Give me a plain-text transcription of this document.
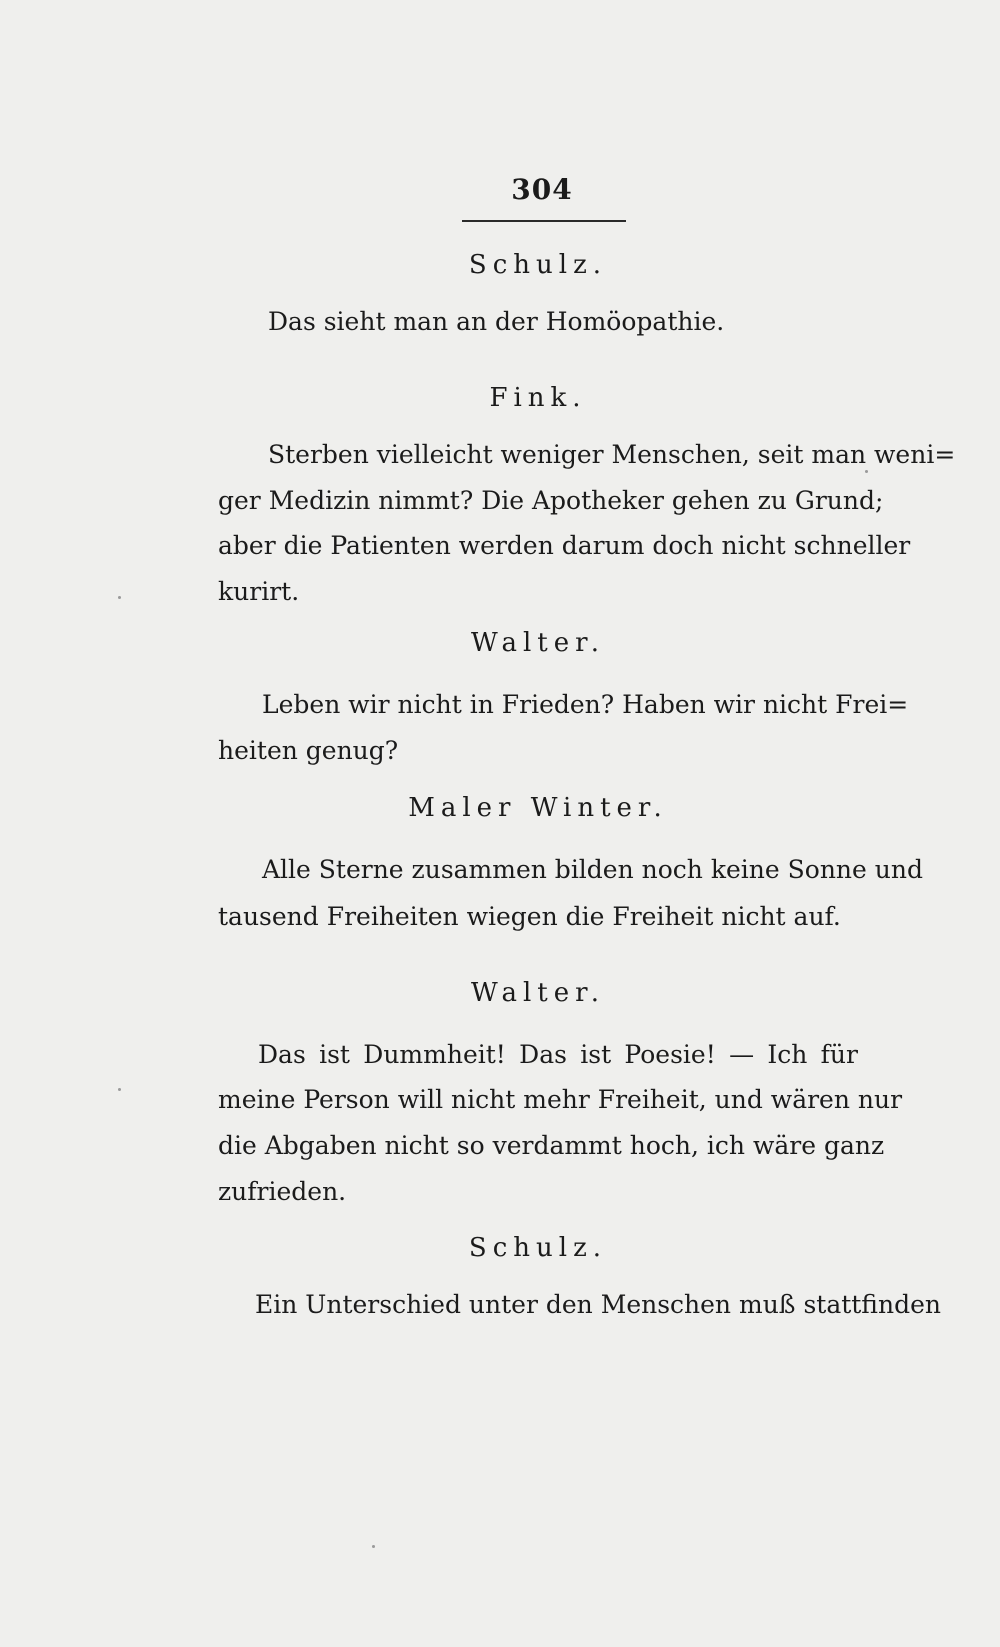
304
Schulz.
Das sieht man an der Homöopathie.
Fink.
Sterben vielleicht weniger Menschen, seit man weni=
ger Medizin nimmt? Die Apotheker gehen zu Grund;
aber die Patienten werden darum doch nicht schneller
kurirt.
Walter.
Leben wir nicht in Frieden? Haben wir nicht Frei=
heiten genug?
Maler Winter.
Alle Sterne zusammen bilden noch keine Sonne und
tausend Freiheiten wiegen die Freiheit nicht auf.
Walter.
Das ist Dummheit! Das ist Poesie! — Ich für
meine Person will nicht mehr Freiheit, und wären nur
die Abgaben nicht so verdammt hoch, ich wäre ganz
zufrieden.
Schulz.
Ein Unterschied unter den Menschen muß stattfinden
